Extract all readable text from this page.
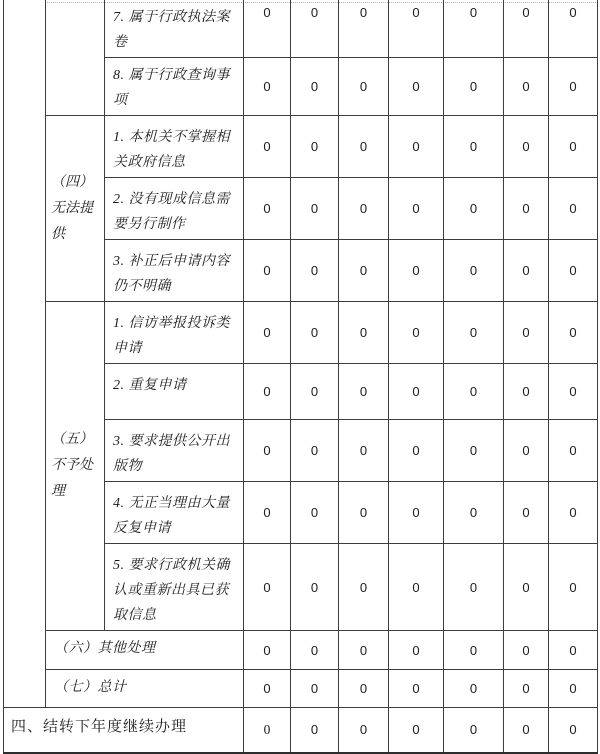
		7. 属于行政执法案卷	0	0	0	0	0	0	0
		8. 属于行政查询事项	0	0	0	0	0	0	0
	（四）无法提供	1. 本机关不掌握相关政府信息	0	0	0	0	0	0	0
		2. 没有现成信息需要另行制作	0	0	0	0	0	0	0
		3. 补正后申请内容仍不明确	0	0	0	0	0	0	0
	（五）不予处理	1. 信访举报投诉类申请	0	0	0	0	0	0	0
		2. 重复申请	0	0	0	0	0	0	0
		3. 要求提供公开出版物	0	0	0	0	0	0	0
		4. 无正当理由大量反复申请	0	0	0	0	0	0	0
		5. 要求行政机关确认或重新出具已获取信息	0	0	0	0	0	0	0
	（六）其他处理		0	0	0	0	0	0	0
	（七）总计		0	0	0	0	0	0	0
四、结转下年度继续办理			0	0	0	0	0	0	0
